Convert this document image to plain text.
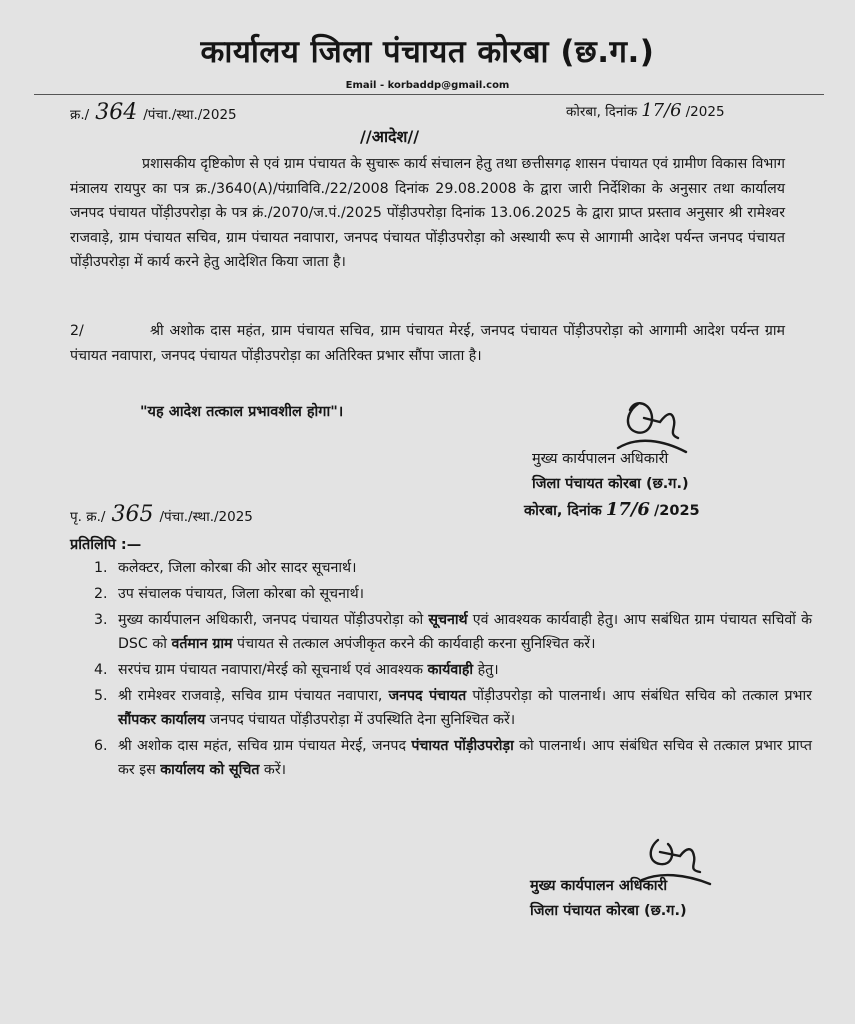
कार्यालय जिला पंचायत कोरबा (छ.ग.)
Email - korbaddp@gmail.com
क्र./ 364 /पंचा./स्था./2025	कोरबा, दिनांक 17/6 /2025
//आदेश//
प्रशासकीय दृष्टिकोण से एवं ग्राम पंचायत के सुचारू कार्य संचालन हेतु तथा छत्तीसगढ़ शासन पंचायत एवं ग्रामीण विकास विभाग मंत्रालय रायपुर का पत्र क्र./3640(A)/पंग्राविवि./22/2008 दिनांक 29.08.2008 के द्वारा जारी निर्देशिका के अनुसार तथा कार्यालय जनपद पंचायत पोंड़ीउपरोड़ा के पत्र क्रं./2070/ज.पं./2025 पोंड़ीउपरोड़ा दिनांक 13.06.2025 के द्वारा प्राप्त प्रस्ताव अनुसार श्री रामेश्वर राजवाड़े, ग्राम पंचायत सचिव, ग्राम पंचायत नवापारा, जनपद पंचायत पोंड़ीउपरोड़ा को अस्थायी रूप से आगामी आदेश पर्यन्त जनपद पंचायत पोंड़ीउपरोड़ा में कार्य करने हेतु आदेशित किया जाता है।
2/	श्री अशोक दास महंत, ग्राम पंचायत सचिव, ग्राम पंचायत मेरई, जनपद पंचायत पोंड़ीउपरोड़ा को आगामी आदेश पर्यन्त ग्राम पंचायत नवापारा, जनपद पंचायत पोंड़ीउपरोड़ा का अतिरिक्त प्रभार सौंपा जाता है।
"यह आदेश तत्काल प्रभावशील होगा"।
मुख्य कार्यपालन अधिकारी
जिला पंचायत कोरबा (छ.ग.)
कोरबा, दिनांक 17/6 /2025
पृ. क्र./ 365 /पंचा./स्था./2025
प्रतिलिपि :—
1. कलेक्टर, जिला कोरबा की ओर सादर सूचनार्थ।
2. उप संचालक पंचायत, जिला कोरबा को सूचनार्थ।
3. मुख्य कार्यपालन अधिकारी, जनपद पंचायत पोंड़ीउपरोड़ा को सूचनार्थ एवं आवश्यक कार्यवाही हेतु। आप सबंधित ग्राम पंचायत सचिवों के DSC को वर्तमान ग्राम पंचायत से तत्काल अपंजीकृत करने की कार्यवाही करना सुनिश्चित करें।
4. सरपंच ग्राम पंचायत नवापारा/मेरई को सूचनार्थ एवं आवश्यक कार्यवाही हेतु।
5. श्री रामेश्वर राजवाड़े, सचिव ग्राम पंचायत नवापारा, जनपद पंचायत पोंड़ीउपरोड़ा को पालनार्थ। आप संबंधित सचिव को तत्काल प्रभार सौंपकर कार्यालय जनपद पंचायत पोंड़ीउपरोड़ा में उपस्थिति देना सुनिश्चित करें।
6. श्री अशोक दास महंत, सचिव ग्राम पंचायत मेरई, जनपद पंचायत पोंड़ीउपरोड़ा को पालनार्थ। आप संबंधित सचिव से तत्काल प्रभार प्राप्त कर इस कार्यालय को सूचित करें।
मुख्य कार्यपालन अधिकारी
जिला पंचायत कोरबा (छ.ग.)
